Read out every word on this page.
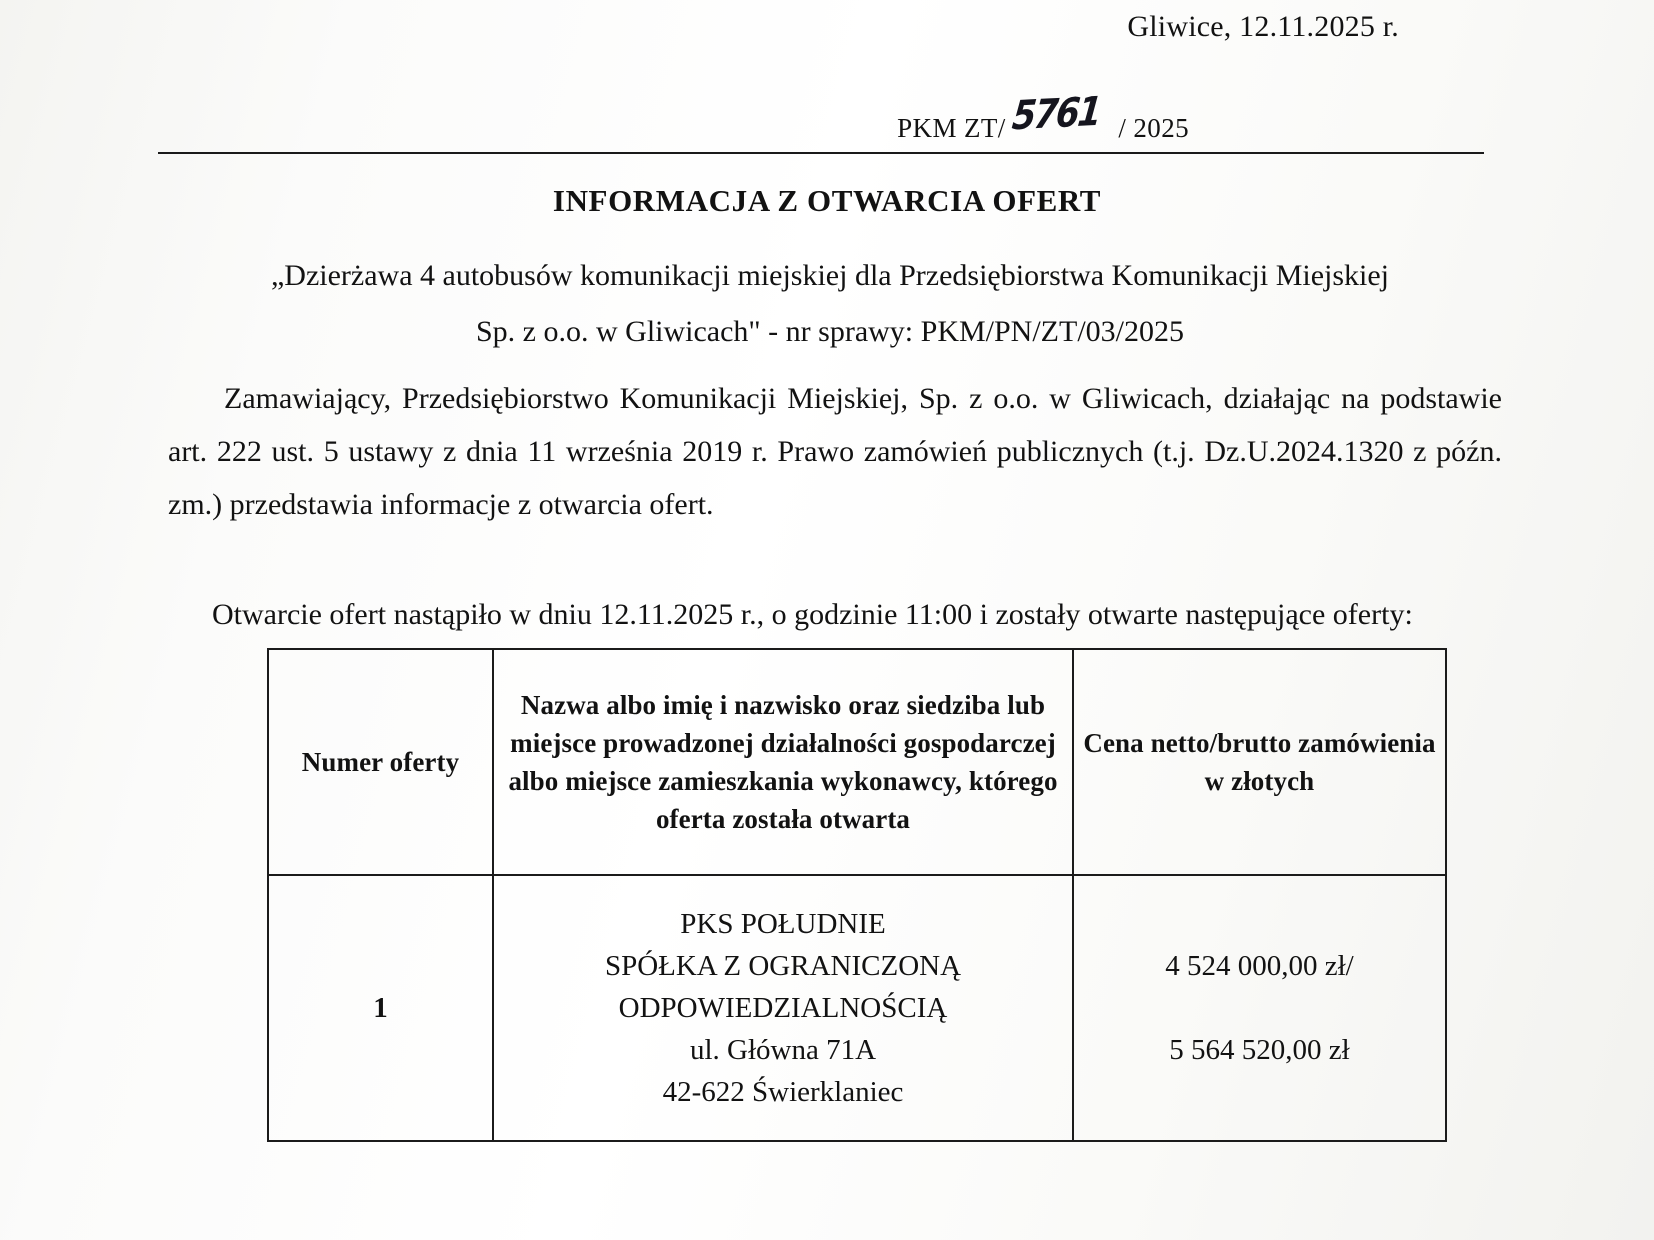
Gliwice, 12.11.2025 r.
PKM ZT/ 5761 / 2025
INFORMACJA Z OTWARCIA OFERT
„Dzierżawa 4 autobusów komunikacji miejskiej dla Przedsiębiorstwa Komunikacji Miejskiej
Sp. z o.o. w Gliwicach" - nr sprawy: PKM/PN/ZT/03/2025
Zamawiający, Przedsiębiorstwo Komunikacji Miejskiej, Sp. z o.o. w Gliwicach, działając na podstawie art. 222 ust. 5 ustawy z dnia 11 września 2019 r. Prawo zamówień publicznych (t.j. Dz.U.2024.1320 z późn. zm.) przedstawia informacje z otwarcia ofert.
Otwarcie ofert nastąpiło w dniu 12.11.2025 r., o godzinie 11:00 i zostały otwarte następujące oferty:
Numer oferty	Nazwa albo imię i nazwisko oraz siedziba lub miejsce prowadzonej działalności gospodarczej albo miejsce zamieszkania wykonawcy, którego oferta została otwarta	Cena netto/brutto zamówienia w złotych
1	PKS POŁUDNIE
SPÓŁKA Z OGRANICZONĄ
ODPOWIEDZIALNOŚCIĄ
ul. Główna 71A
42-622 Świerklaniec	4 524 000,00 zł/

5 564 520,00 zł
